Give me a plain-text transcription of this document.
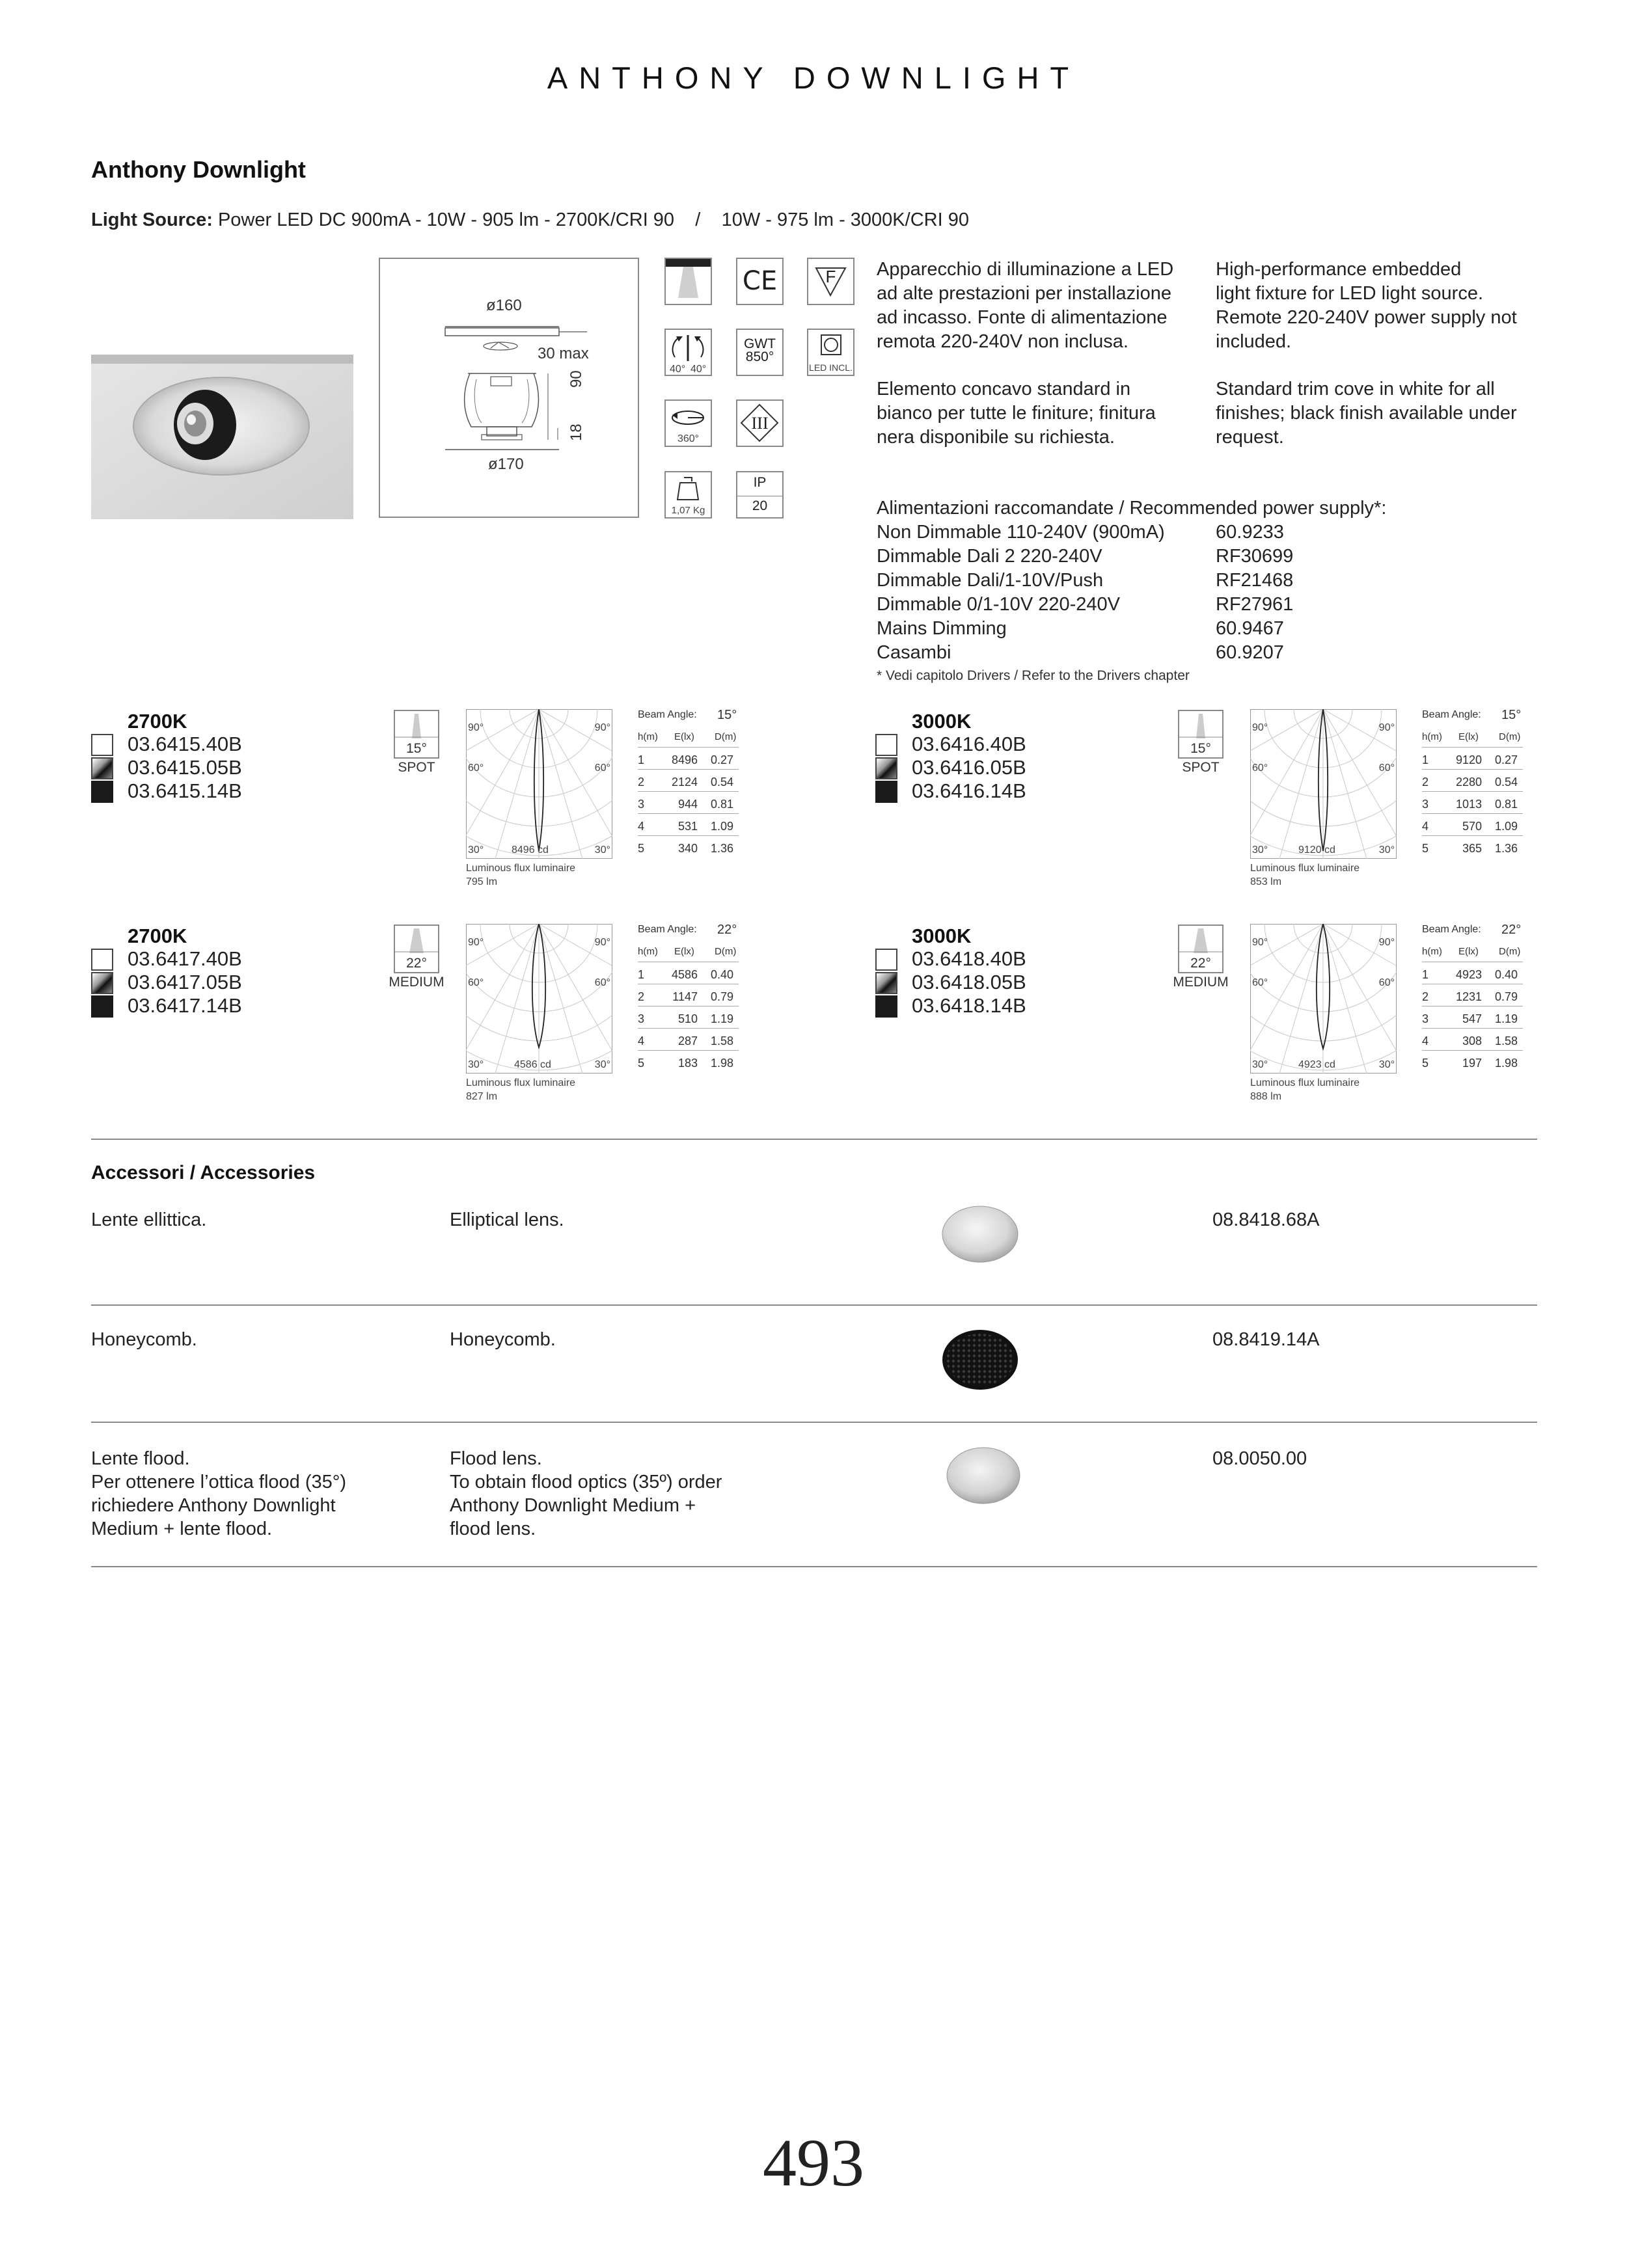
ANTHONY DOWNLIGHT
Anthony Downlight
Light Source: Power LED DC 900mA - 10W - 905 lm - 2700K/CRI 90    /    10W - 975 lm - 3000K/CRI 90
ø160
30 max
90
18
ø170
CE	F
40° 40°
GWT
850°
LED INCL.
360°
III
1,07 Kg
IP
20
Apparecchio di illuminazione a LED
ad alte prestazioni per installazione
ad incasso. Fonte di alimentazione
remota 220-240V non inclusa.
High-performance embedded
light fixture for LED light source.
Remote 220-240V power supply not
included.
Elemento concavo standard in
bianco per tutte le finiture; finitura
nera disponibile su richiesta.
Standard trim cove in white for all
finishes; black finish available under
request.
Alimentazioni raccomandate / Recommended power supply*:
Non Dimmable 110-240V (900mA)	60.9233
Dimmable Dali 2 220-240V	RF30699
Dimmable Dali/1-10V/Push	RF21468
Dimmable 0/1-10V 220-240V	RF27961
Mains Dimming	60.9467
Casambi	60.9207
* Vedi capitolo Drivers / Refer to the Drivers chapter
2700K
03.6415.40B
03.6415.05B
03.6415.14B
15°
SPOT
90°	90°
60°	60°
30°	30°
8496 cd
Luminous flux luminaire
795 lm
Beam Angle: 15°
h(m) E(lx) D(m)
1	8496 0.27
2	2124 0.54
3	944 0.81
4	531 1.09
5	340 1.36
3000K
03.6416.40B
03.6416.05B
03.6416.14B
15°
SPOT
90°	90°
60°	60°
30°	30°
9120 cd
Luminous flux luminaire
853 lm
Beam Angle: 15°
h(m) E(lx) D(m)
1	9120 0.27
2	2280 0.54
3	1013 0.81
4	570 1.09
5	365 1.36
2700K
03.6417.40B
03.6417.05B
03.6417.14B
22°
MEDIUM
90°	90°
60°	60°
30°	30°
4586 cd
Luminous flux luminaire
827 lm
Beam Angle: 22°
h(m) E(lx) D(m)
1	4586 0.40
2	1147 0.79
3	510 1.19
4	287 1.58
5	183 1.98
3000K
03.6418.40B
03.6418.05B
03.6418.14B
22°
MEDIUM
90°	90°
60°	60°
30°	30°
4923 cd
Luminous flux luminaire
888 lm
Beam Angle: 22°
h(m) E(lx) D(m)
1	4923 0.40
2	1231 0.79
3	547 1.19
4	308 1.58
5	197 1.98
Accessori / Accessories
Lente ellittica.	Elliptical lens.	08.8418.68A
Honeycomb.	Honeycomb.	08.8419.14A
Lente flood.
Per ottenere l’ottica flood (35°)
richiedere Anthony Downlight
Medium + lente flood.
Flood lens.
To obtain flood optics (35º) order
Anthony Downlight Medium +
flood lens.
08.0050.00
493
